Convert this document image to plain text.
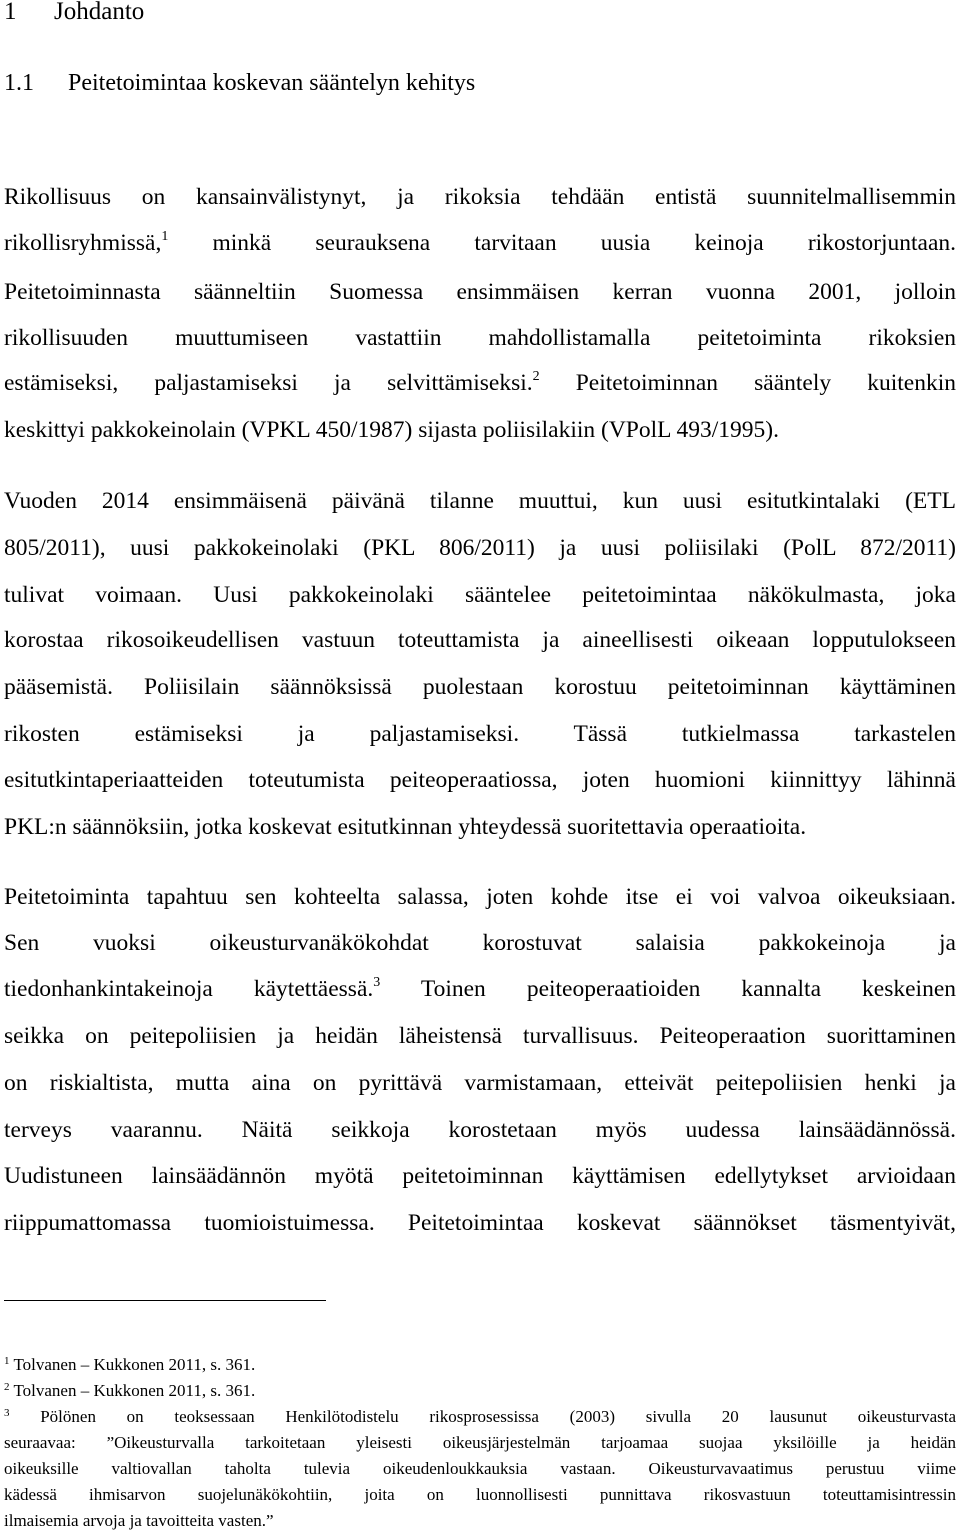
1 Johdanto
1.1 Peitetoimintaa koskevan sääntelyn kehitys
Rikollisuus on kansainvälistynyt, ja rikoksia tehdään entistä suunnitelmallisemmin
rikollisryhmissä,$^1$ minkä seurauksena tarvitaan uusia keinoja rikostorjuntaan.
Peitetoiminnasta säänneltiin Suomessa ensimmäisen kerran vuonna 2001, jolloin
rikollisuuden muuttumiseen vastattiin mahdollistamalla peitetoiminta rikoksien
estämiseksi, paljastamiseksi ja selvittämiseksi.$^2$ Peitetoiminnan sääntely kuitenkin
keskittyi pakkokeinolain (VPKL 450/1987) sijasta poliisilakiin (VPolL 493/1995).
Vuoden 2014 ensimmäisenä päivänä tilanne muuttui, kun uusi esitutkintalaki (ETL
805/2011), uusi pakkokeinolaki (PKL 806/2011) ja uusi poliisilaki (PolL 872/2011)
tulivat voimaan. Uusi pakkokeinolaki sääntelee peitetoimintaa näkökulmasta, joka
korostaa rikosoikeudellisen vastuun toteuttamista ja aineellisesti oikeaan lopputulokseen
pääsemistä. Poliisilain säännöksissä puolestaan korostuu peitetoiminnan käyttäminen
rikosten estämiseksi ja paljastamiseksi. Tässä tutkielmassa tarkastelen
esitutkintaperiaatteiden toteutumista peiteoperaatiossa, joten huomioni kiinnittyy lähinnä
PKL:n säännöksiin, jotka koskevat esitutkinnan yhteydessä suoritettavia operaatioita.
Peitetoiminta tapahtuu sen kohteelta salassa, joten kohde itse ei voi valvoa oikeuksiaan.
Sen vuoksi oikeusturvanäkökohdat korostuvat salaisia pakkokeinoja ja
tiedonhankintakeinoja käytettäessä.$^3$ Toinen peiteoperaatioiden kannalta keskeinen
seikka on peitepoliisien ja heidän läheistensä turvallisuus. Peiteoperaation suorittaminen
on riskialtista, mutta aina on pyrittävä varmistamaan, etteivät peitepoliisien henki ja
terveys vaarannu. Näitä seikkoja korostetaan myös uudessa lainsäädännössä.
Uudistuneen lainsäädännön myötä peitetoiminnan käyttämisen edellytykset arvioidaan
riippumattomassa tuomioistuimessa. Peitetoimintaa koskevat säännökset täsmentyivät,
$^1$ Tolvanen – Kukkonen 2011, s. 361.
$^2$ Tolvanen – Kukkonen 2011, s. 361.
$^3$ Pölönen on teoksessaan Henkilötodistelu rikosprosessissa (2003) sivulla 20 lausunut oikeusturvasta
seuraavaa: ”Oikeusturvalla tarkoitetaan yleisesti oikeusjärjestelmän tarjoamaa suojaa yksilöille ja heidän
oikeuksille valtiovallan taholta tulevia oikeudenloukkauksia vastaan. Oikeusturvavaatimus perustuu viime
kädessä ihmisarvon suojelunäkökohtiin, joita on luonnollisesti punnittava rikosvastuun toteuttamisintressin
ilmaisemia arvoja ja tavoitteita vasten.”
